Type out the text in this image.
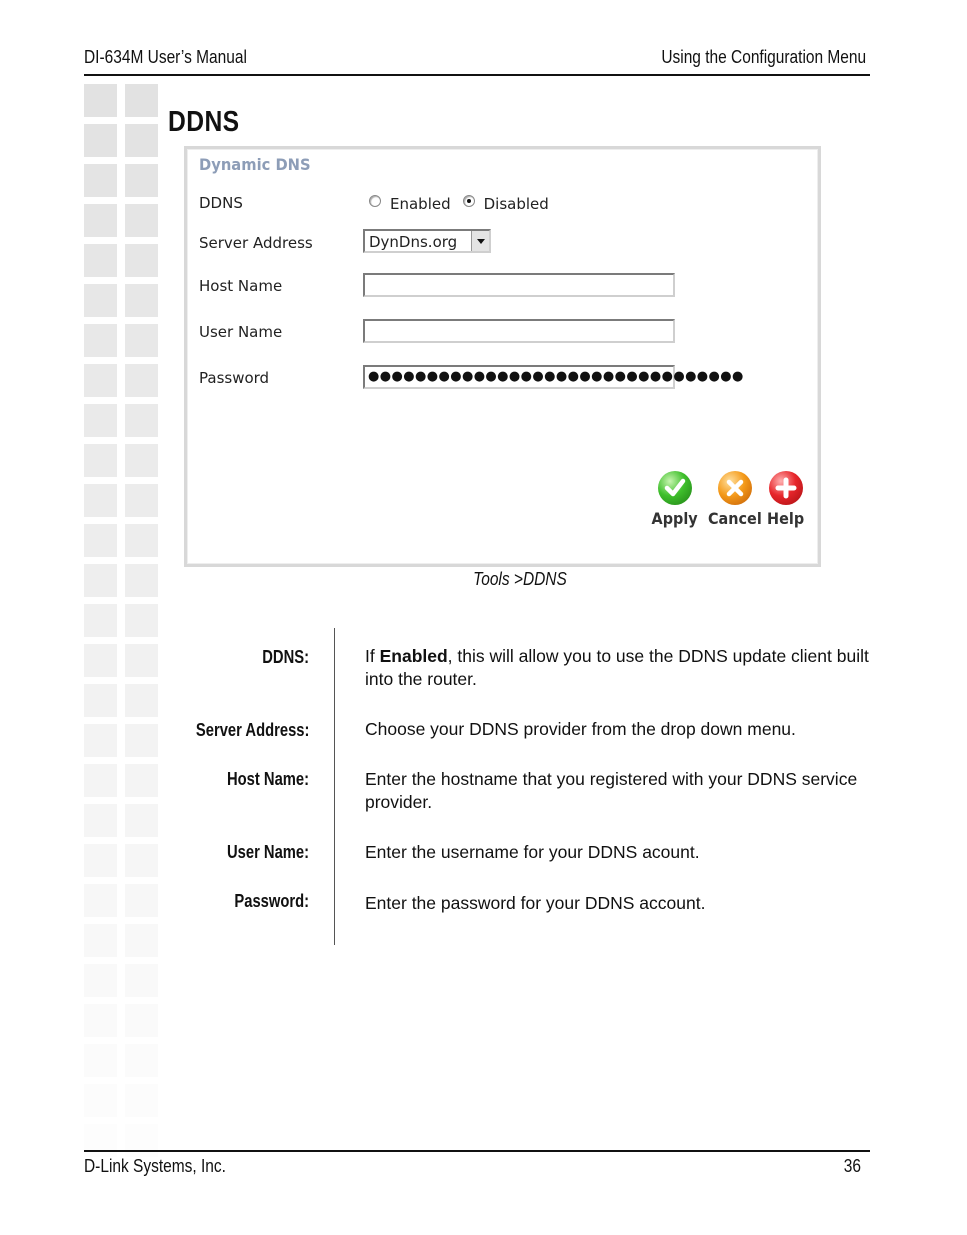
DI-634M User’s Manual	Using the Configuration Menu
DDNS
Dynamic DNS
DDNS	Enabled Disabled
Server Address	DynDns.org
Host Name
User Name
Password	●●●●●●●●●●●●●●●●●●●●●●●●●●●●●●●●
Apply Cancel Help
Tools >DDNS
DDNS:	If Enabled, this will allow you to use the DDNS update client built into the router.
Server Address:	Choose your DDNS provider from the drop down menu.
Host Name:	Enter the hostname that you registered with your DDNS service provider.
User Name:	Enter the username for your DDNS acount.
Password:	Enter the password for your DDNS account.
D-Link Systems, Inc.	36
